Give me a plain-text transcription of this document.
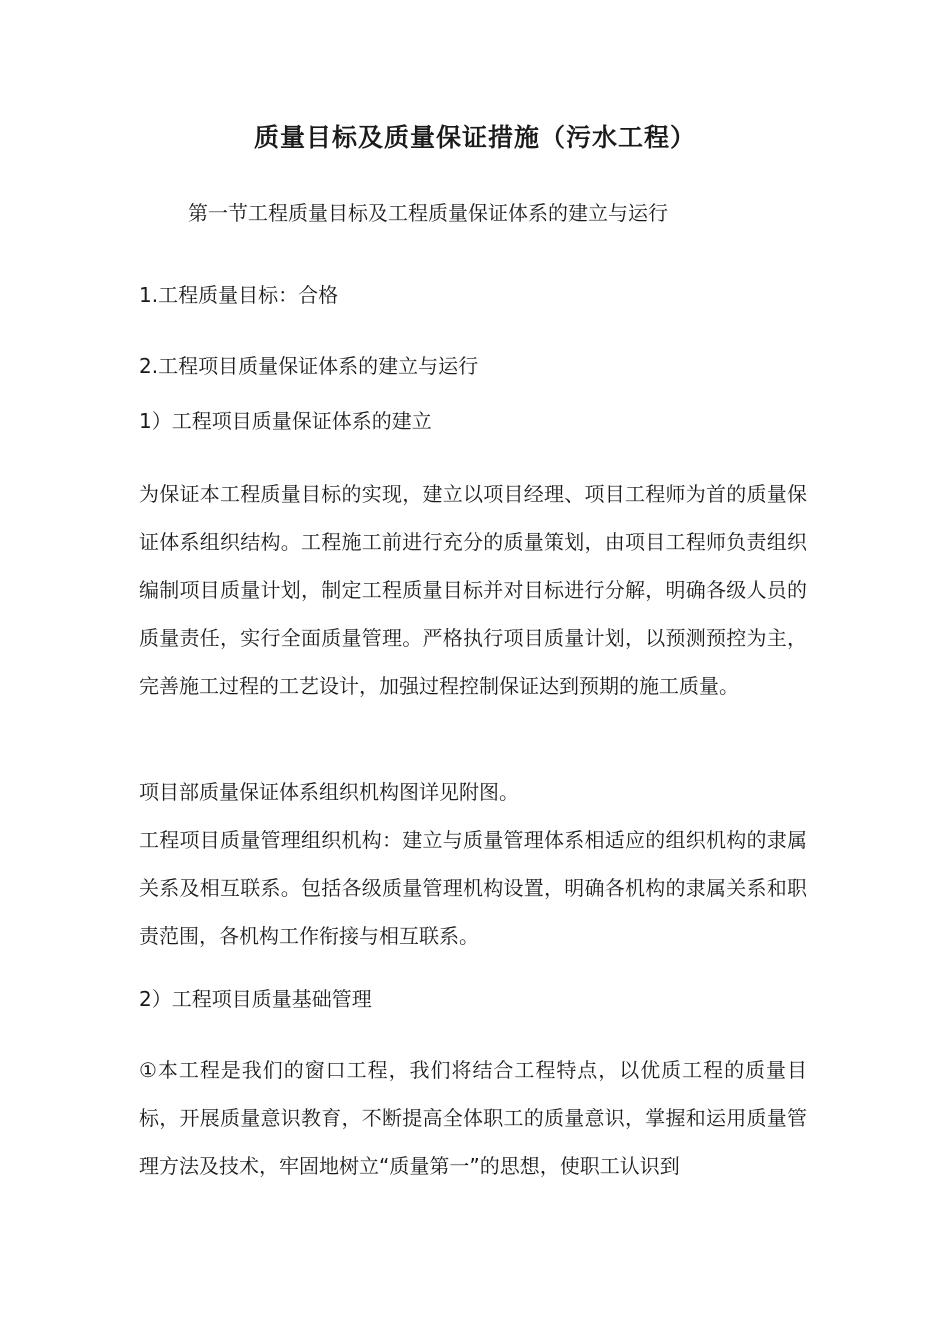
质量目标及质量保证措施（污水工程）
第一节工程质量目标及工程质量保证体系的建立与运行
1.工程质量目标：合格
2.工程项目质量保证体系的建立与运行
1）工程项目质量保证体系的建立

为保证本工程质量目标的实现，建立以项目经理、项目工程师为首的质量保证体系组织结构。工程施工前进行充分的质量策划，由项目工程师负责组织编制项目质量计划，制定工程质量目标并对目标进行分解，明确各级人员的质量责任，实行全面质量管理。严格执行项目质量计划，以预测预控为主，完善施工过程的工艺设计，加强过程控制保证达到预期的施工质量。

项目部质量保证体系组织机构图详见附图。

工程项目质量管理组织机构：建立与质量管理体系相适应的组织机构的隶属关系及相互联系。包括各级质量管理机构设置，明确各机构的隶属关系和职责范围，各机构工作衔接与相互联系。

2）工程项目质量基础管理

①本工程是我们的窗口工程，我们将结合工程特点，以优质工程的质量目标，开展质量意识教育，不断提高全体职工的质量意识，掌握和运用质量管理方法及技术，牢固地树立“质量第一”的思想，使职工认识到
